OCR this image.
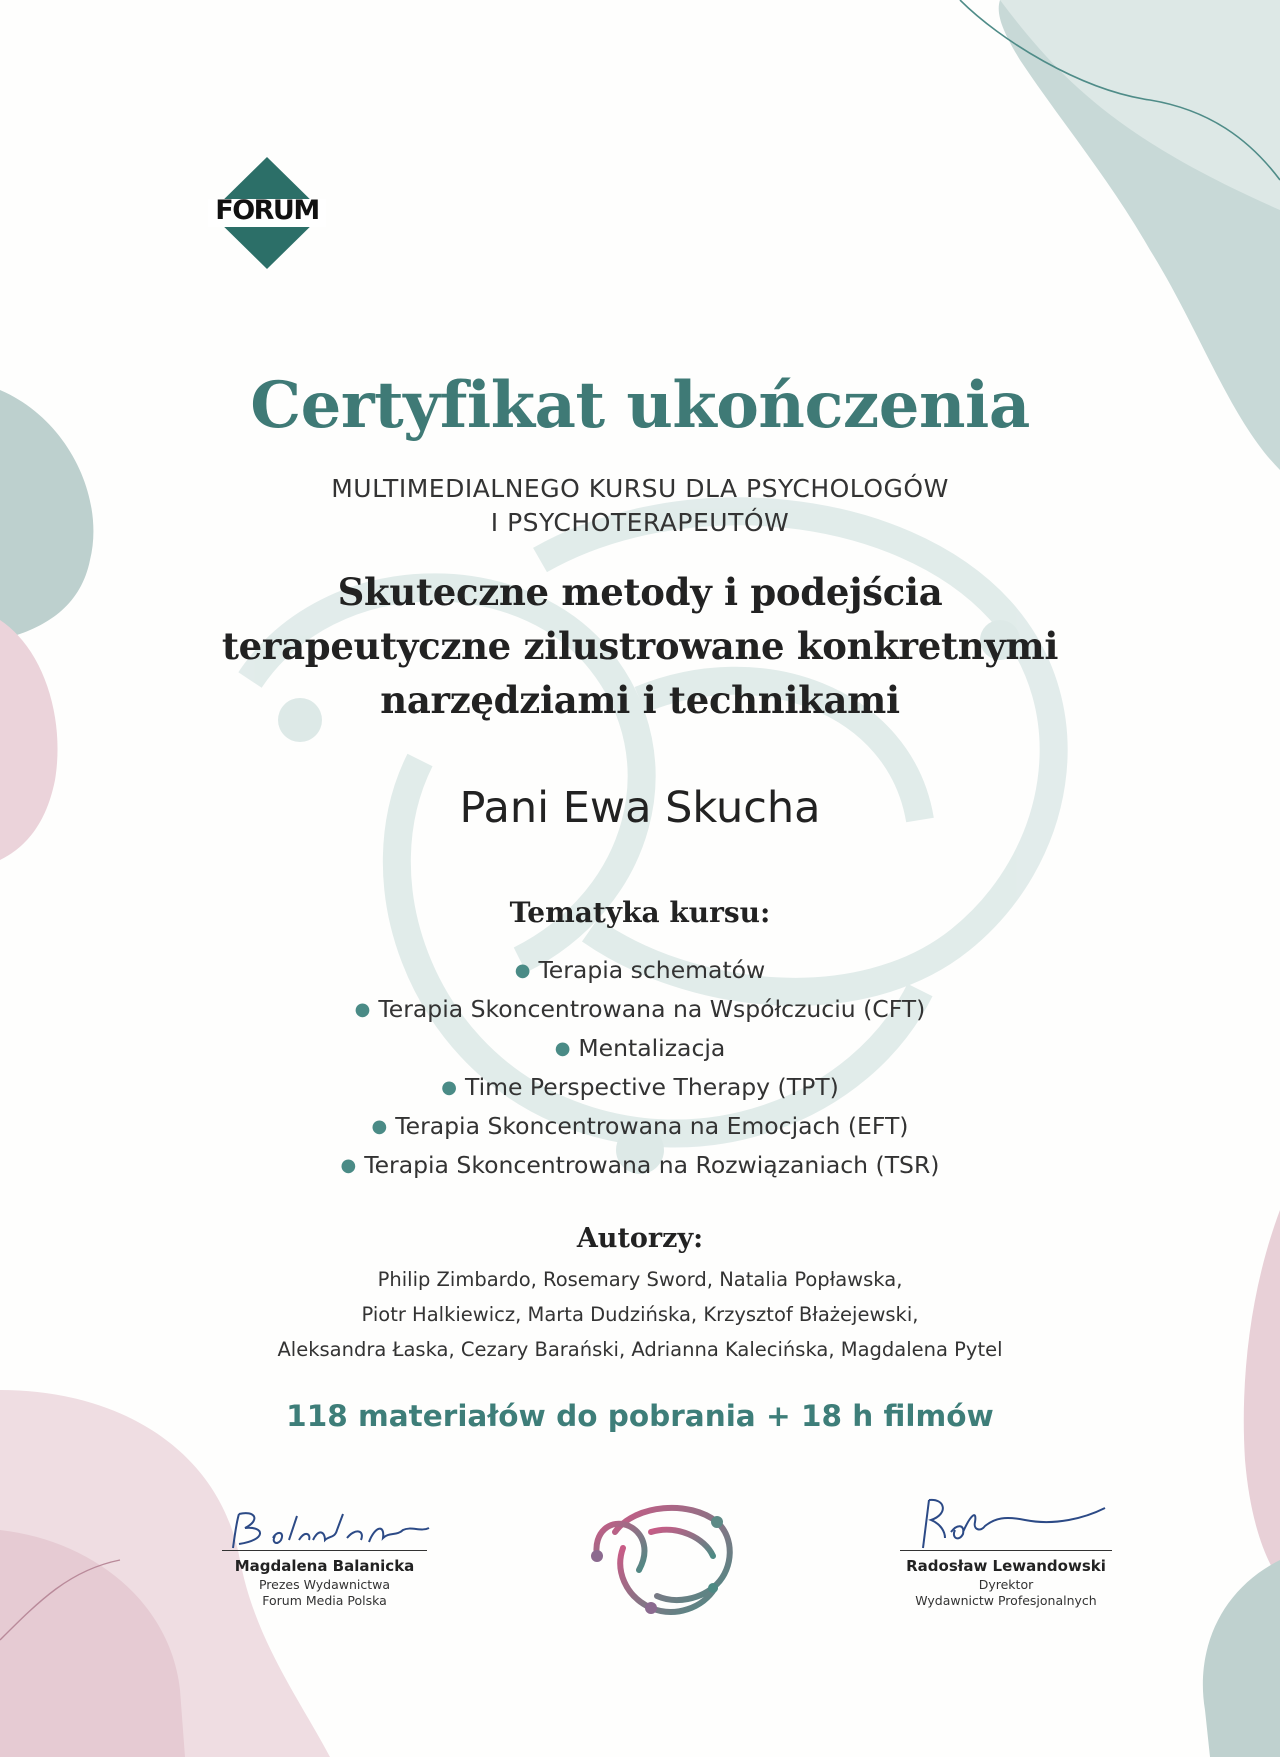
FORUM
Certyfikat ukończenia
MULTIMEDIALNEGO KURSU DLA PSYCHOLOGÓW
I PSYCHOTERAPEUTÓW
Skuteczne metody i podejścia
terapeutyczne zilustrowane konkretnymi
narzędziami i technikami
Pani Ewa Skucha
Tematyka kursu:
● Terapia schematów
● Terapia Skoncentrowana na Współczuciu (CFT)
● Mentalizacja
● Time Perspective Therapy (TPT)
● Terapia Skoncentrowana na Emocjach (EFT)
● Terapia Skoncentrowana na Rozwiązaniach (TSR)
Autorzy:
Philip Zimbardo, Rosemary Sword, Natalia Popławska,
Piotr Halkiewicz, Marta Dudzińska, Krzysztof Błażejewski,
Aleksandra Łaska, Cezary Barański, Adrianna Kalecińska, Magdalena Pytel
118 materiałów do pobrania + 18 h filmów
Magdalena Balanicka
Prezes Wydawnictwa
Forum Media Polska
Radosław Lewandowski
Dyrektor
Wydawnictw Profesjonalnych
